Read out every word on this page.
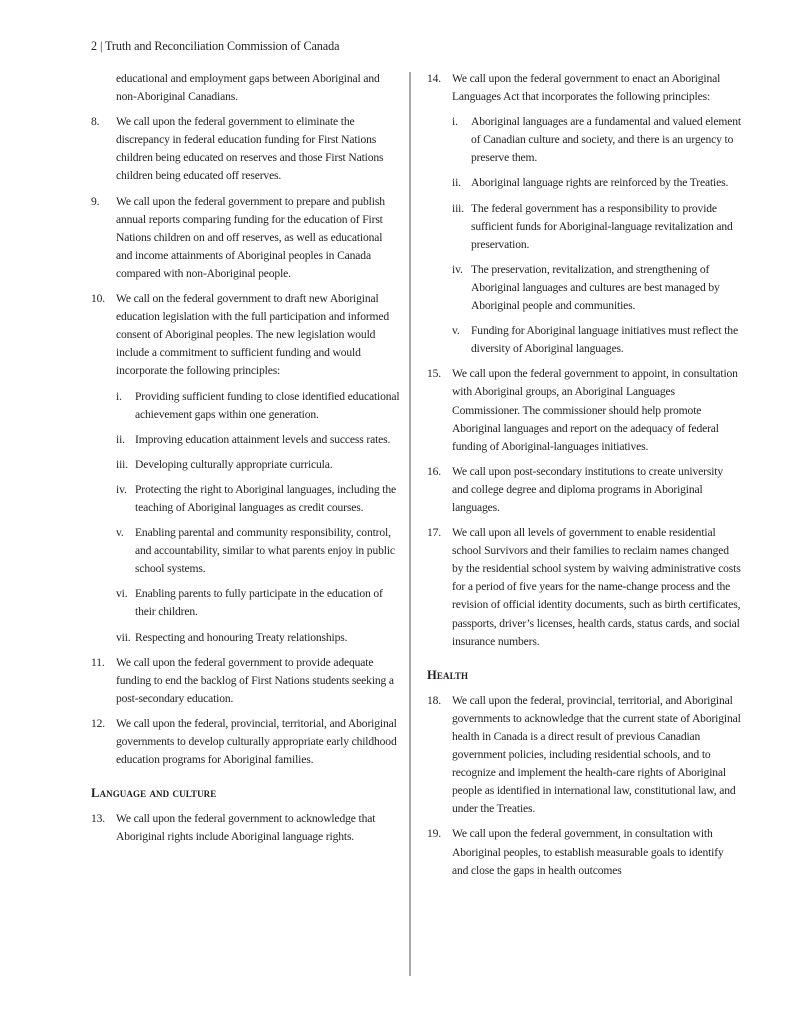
2 | Truth and Reconciliation Commission of Canada

educational and employment gaps between Aboriginal and non-Aboriginal Canadians.

8. We call upon the federal government to eliminate the discrepancy in federal education funding for First Nations children being educated on reserves and those First Nations children being educated off reserves.

9. We call upon the federal government to prepare and publish annual reports comparing funding for the education of First Nations children on and off reserves, as well as educational and income attainments of Aboriginal peoples in Canada compared with non-Aboriginal people.

10. We call on the federal government to draft new Aboriginal education legislation with the full participation and informed consent of Aboriginal peoples. The new legislation would include a commitment to sufficient funding and would incorporate the following principles:

i. Providing sufficient funding to close identified educational achievement gaps within one generation.
ii. Improving education attainment levels and success rates.
iii. Developing culturally appropriate curricula.
iv. Protecting the right to Aboriginal languages, including the teaching of Aboriginal languages as credit courses.
v. Enabling parental and community responsibility, control, and accountability, similar to what parents enjoy in public school systems.
vi. Enabling parents to fully participate in the education of their children.
vii. Respecting and honouring Treaty relationships.
11. We call upon the federal government to provide adequate funding to end the backlog of First Nations students seeking a post-secondary education.

12. We call upon the federal, provincial, territorial, and Aboriginal governments to develop culturally appropriate early childhood education programs for Aboriginal families.

Language and culture
13. We call upon the federal government to acknowledge that Aboriginal rights include Aboriginal language rights.

14. We call upon the federal government to enact an Aboriginal Languages Act that incorporates the following principles:

i. Aboriginal languages are a fundamental and valued element of Canadian culture and society, and there is an urgency to preserve them.
ii. Aboriginal language rights are reinforced by the Treaties.
iii. The federal government has a responsibility to provide sufficient funds for Aboriginal-language revitalization and preservation.
iv. The preservation, revitalization, and strengthening of Aboriginal languages and cultures are best managed by Aboriginal people and communities.
v. Funding for Aboriginal language initiatives must reflect the diversity of Aboriginal languages.
15. We call upon the federal government to appoint, in consultation with Aboriginal groups, an Aboriginal Languages Commissioner. The commissioner should help promote Aboriginal languages and report on the adequacy of federal funding of Aboriginal-languages initiatives.

16. We call upon post-secondary institutions to create university and college degree and diploma programs in Aboriginal languages.

17. We call upon all levels of government to enable residential school Survivors and their families to reclaim names changed by the residential school system by waiving administrative costs for a period of five years for the name-change process and the revision of official identity documents, such as birth certificates, passports, driver’s licenses, health cards, status cards, and social insurance numbers.

Health
18. We call upon the federal, provincial, territorial, and Aboriginal governments to acknowledge that the current state of Aboriginal health in Canada is a direct result of previous Canadian government policies, including residential schools, and to recognize and implement the health-care rights of Aboriginal people as identified in international law, constitutional law, and under the Treaties.

19. We call upon the federal government, in consultation with Aboriginal peoples, to establish measurable goals to identify and close the gaps in health outcomes
